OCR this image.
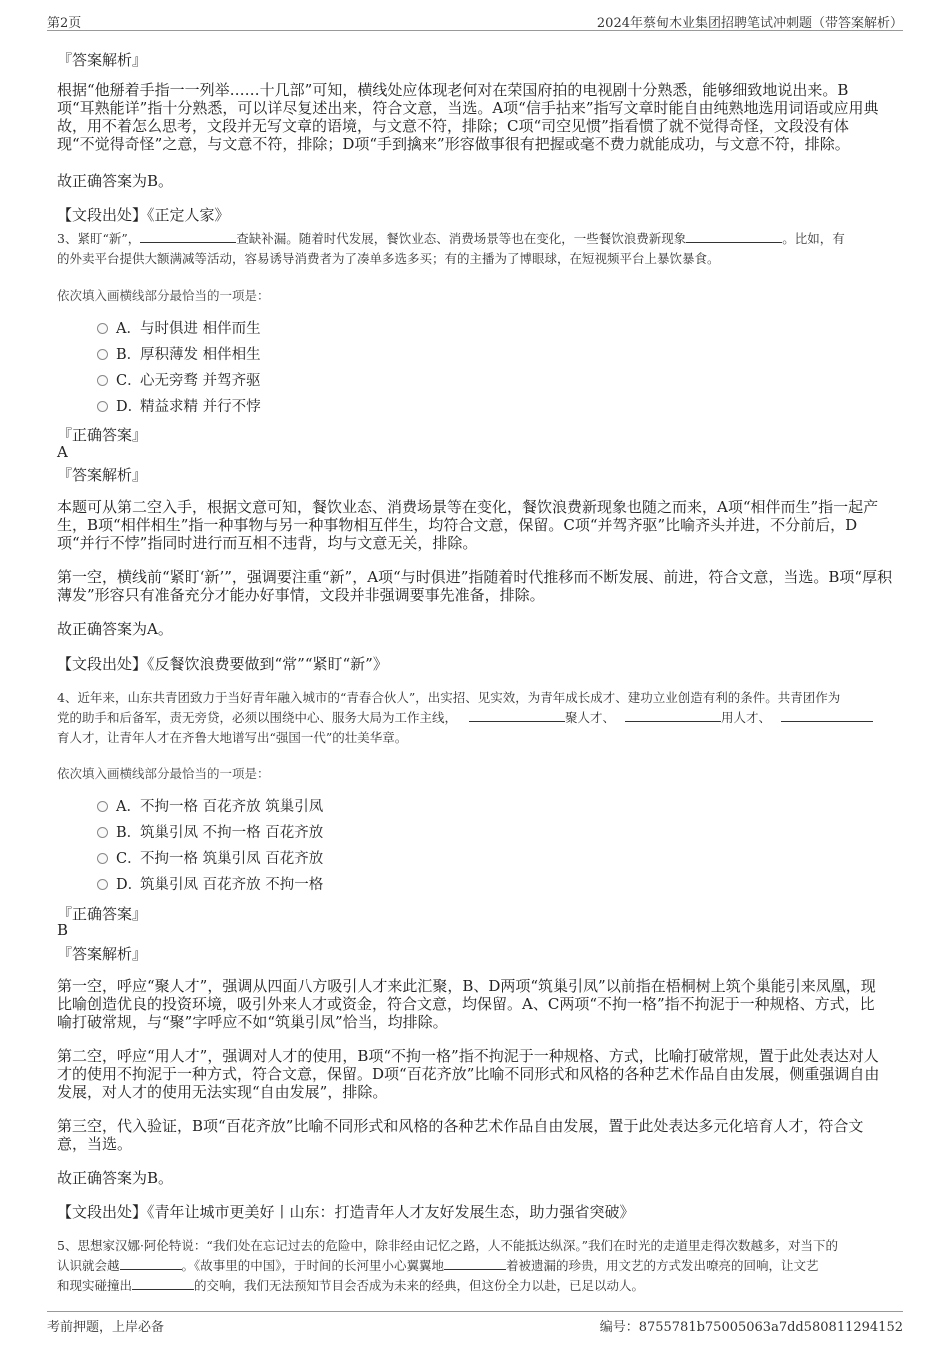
第2页	2024年蔡甸木业集团招聘笔试冲刺题（带答案解析）
『答案解析』
根据“他掰着手指一一列举……十几部”可知，横线处应体现老何对在荣国府拍的电视剧十分熟悉，能够细致地说出来。B
项“耳熟能详”指十分熟悉，可以详尽复述出来，符合文意，当选。A项“信手拈来”指写文章时能自由纯熟地选用词语或应用典
故，用不着怎么思考，文段并无写文章的语境，与文意不符，排除；C项“司空见惯”指看惯了就不觉得奇怪，文段没有体
现“不觉得奇怪”之意，与文意不符，排除；D项“手到擒来”形容做事很有把握或毫不费力就能成功，与文意不符，排除。
故正确答案为B。
【文段出处】《正定人家》
3、紧盯“新”，	查缺补漏。随着时代发展，餐饮业态、消费场景等也在变化，一些餐饮浪费新现象	。比如，有
的外卖平台提供大额满减等活动，容易诱导消费者为了凑单多选多买；有的主播为了博眼球，在短视频平台上暴饮暴食。
依次填入画横线部分最恰当的一项是：
A．与时俱进 相伴而生
B．厚积薄发 相伴相生
C．心无旁骛 并驾齐驱
D．精益求精 并行不悖
『正确答案』
A
『答案解析』
本题可从第二空入手，根据文意可知，餐饮业态、消费场景等在变化，餐饮浪费新现象也随之而来，A项“相伴而生”指一起产
生，B项“相伴相生”指一种事物与另一种事物相互伴生，均符合文意，保留。C项“并驾齐驱”比喻齐头并进，不分前后，D
项“并行不悖”指同时进行而互相不违背，均与文意无关，排除。
第一空，横线前“紧盯‘新’”，强调要注重“新”，A项“与时俱进”指随着时代推移而不断发展、前进，符合文意，当选。B项“厚积
薄发”形容只有准备充分才能办好事情，文段并非强调要事先准备，排除。
故正确答案为A。
【文段出处】《反餐饮浪费要做到“常”“紧盯“新”》
4、近年来，山东共青团致力于当好青年融入城市的“青春合伙人”，出实招、见实效，为青年成长成才、建功立业创造有利的条件。共青团作为
党的助手和后备军，责无旁贷，必须以围绕中心、服务大局为工作主线，	聚人才、	用人才、
育人才，让青年人才在齐鲁大地谱写出“强国一代”的壮美华章。
依次填入画横线部分最恰当的一项是：
A．不拘一格 百花齐放 筑巢引凤
B．筑巢引凤 不拘一格 百花齐放
C．不拘一格 筑巢引凤 百花齐放
D．筑巢引凤 百花齐放 不拘一格
『正确答案』
B
『答案解析』
第一空，呼应“聚人才”，强调从四面八方吸引人才来此汇聚，B、D两项“筑巢引凤”以前指在梧桐树上筑个巢能引来凤凰，现
比喻创造优良的投资环境，吸引外来人才或资金，符合文意，均保留。A、C两项“不拘一格”指不拘泥于一种规格、方式，比
喻打破常规，与“聚”字呼应不如“筑巢引凤”恰当，均排除。
第二空，呼应“用人才”，强调对人才的使用，B项“不拘一格”指不拘泥于一种规格、方式，比喻打破常规，置于此处表达对人
才的使用不拘泥于一种方式，符合文意，保留。D项“百花齐放”比喻不同形式和风格的各种艺术作品自由发展，侧重强调自由
发展，对人才的使用无法实现“自由发展”，排除。
第三空，代入验证，B项“百花齐放”比喻不同形式和风格的各种艺术作品自由发展，置于此处表达多元化培育人才，符合文
意，当选。
故正确答案为B。
【文段出处】《青年让城市更美好丨山东：打造青年人才友好发展生态，助力强省突破》
5、思想家汉娜·阿伦特说：“我们处在忘记过去的危险中，除非经由记忆之路，人不能抵达纵深。”我们在时光的走道里走得次数越多，对当下的
认识就会越	。《故事里的中国》，于时间的长河里小心翼翼地	着被遗漏的珍贵，用文艺的方式发出嘹亮的回响，让文艺
和现实碰撞出	的交响，我们无法预知节目会否成为未来的经典，但这份全力以赴，已足以动人。
考前押题，上岸必备	编号：8755781b75005063a7dd580811294152
